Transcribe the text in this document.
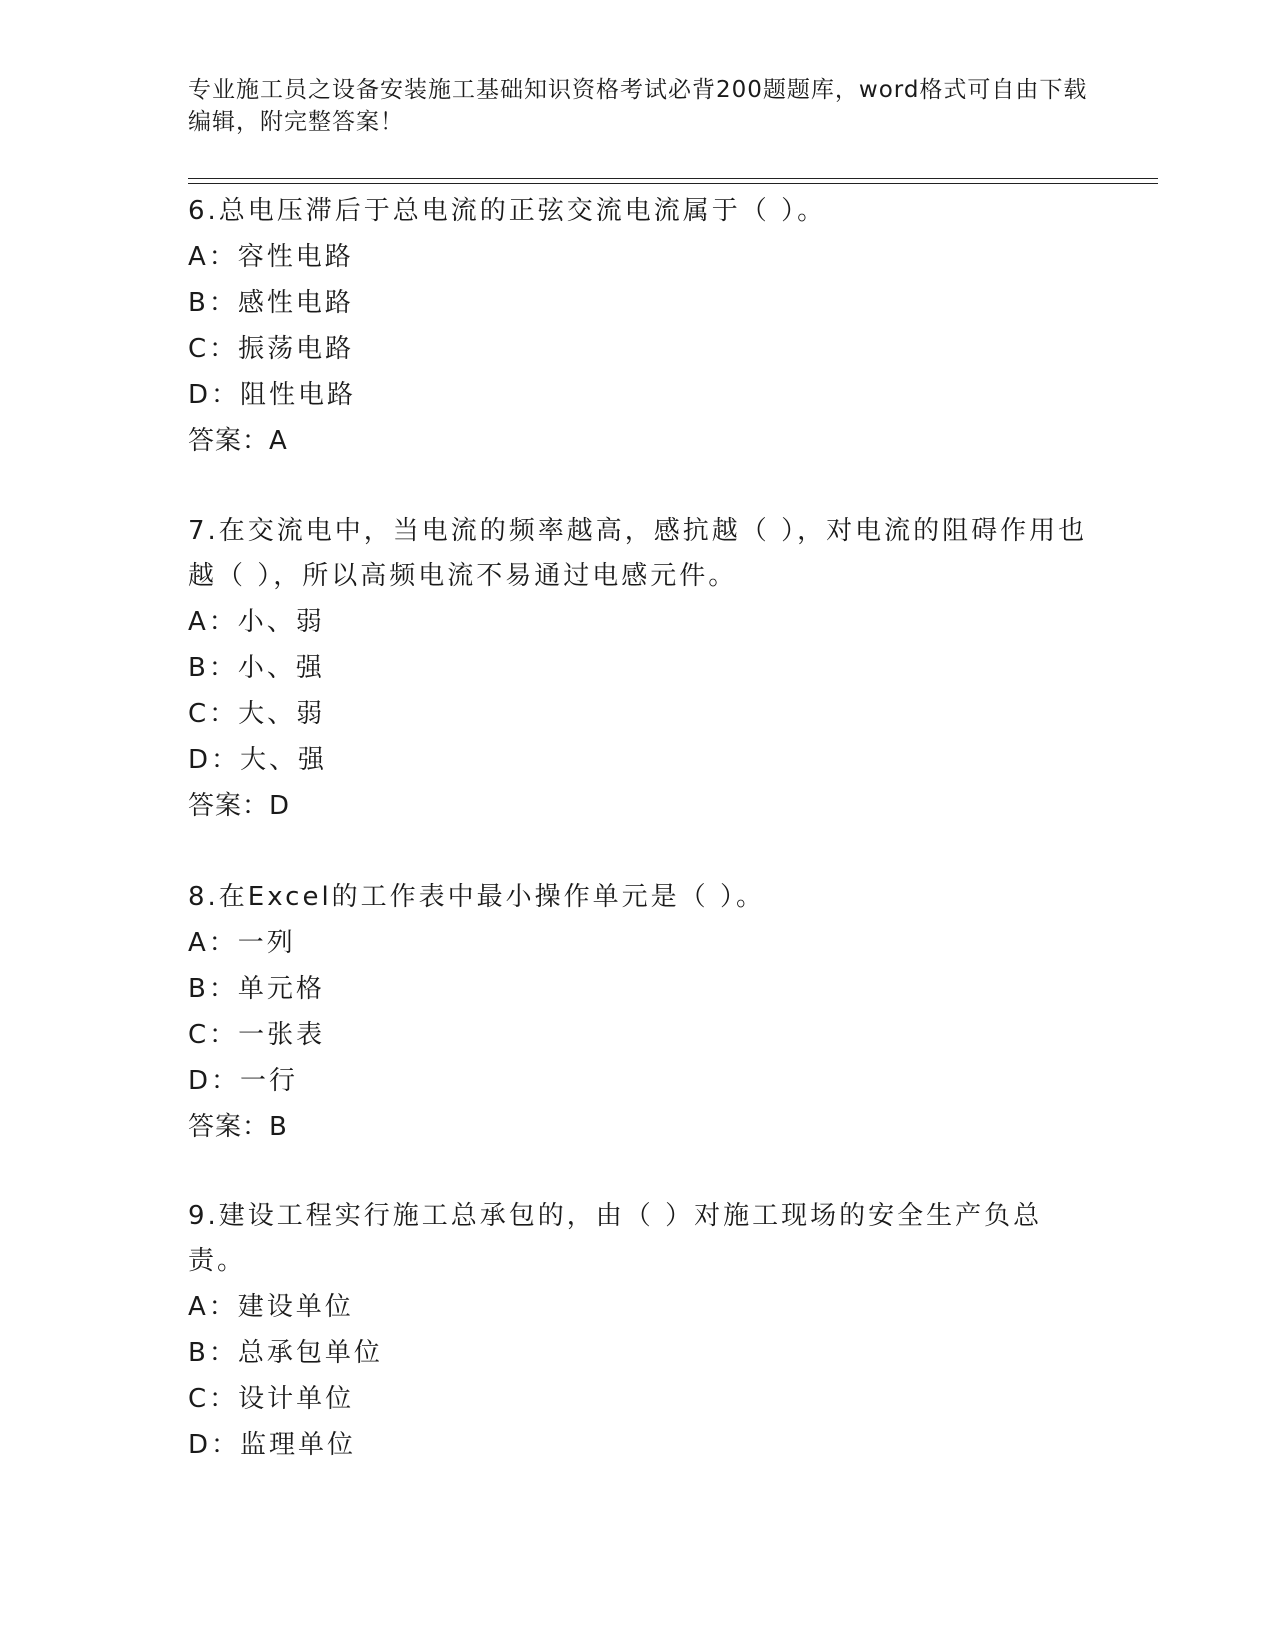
专业施工员之设备安装施工基础知识资格考试必背200题题库，word格式可自由下载编辑，附完整答案！

6.总电压滞后于总电流的正弦交流电流属于（ ）。

A：容性电路

B：感性电路

C：振荡电路

D：阻性电路

答案：A

7.在交流电中，当电流的频率越高，感抗越（ ），对电流的阻碍作用也越（ ），所以高频电流不易通过电感元件。

A：小、弱

B：小、强

C：大、弱

D：大、强

答案：D

8.在Excel的工作表中最小操作单元是（ ）。

A：一列

B：单元格

C：一张表

D：一行

答案：B

9.建设工程实行施工总承包的，由（ ）对施工现场的安全生产负总责。

A：建设单位

B：总承包单位

C：设计单位

D：监理单位
